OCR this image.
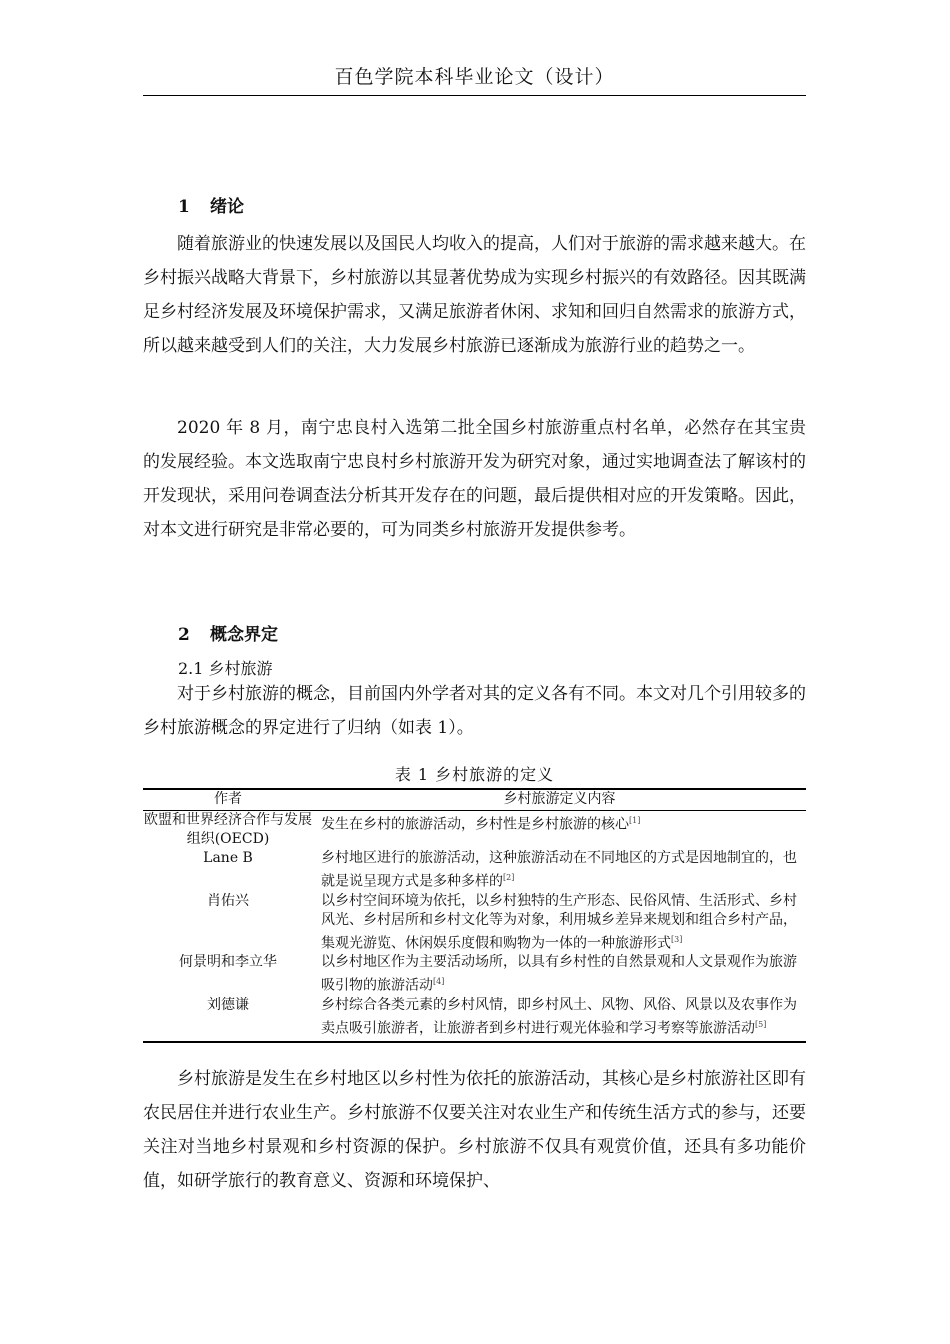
百色学院本科毕业论文（设计）
1 绪论

随着旅游业的快速发展以及国民人均收入的提高，人们对于旅游的需求越来越大。在乡村振兴战略大背景下，乡村旅游以其显著优势成为实现乡村振兴的有效路径。因其既满足乡村经济发展及环境保护需求，又满足旅游者休闲、求知和回归自然需求的旅游方式，所以越来越受到人们的关注，大力发展乡村旅游已逐渐成为旅游行业的趋势之一。

2020 年 8 月，南宁忠良村入选第二批全国乡村旅游重点村名单，必然存在其宝贵的发展经验。本文选取南宁忠良村乡村旅游开发为研究对象，通过实地调查法了解该村的开发现状，采用问卷调查法分析其开发存在的问题，最后提供相对应的开发策略。因此，对本文进行研究是非常必要的，可为同类乡村旅游开发提供参考。

2 概念界定
2.1 乡村旅游

对于乡村旅游的概念，目前国内外学者对其的定义各有不同。本文对几个引用较多的乡村旅游概念的界定进行了归纳（如表 1）。

表 1 乡村旅游的定义
作者	乡村旅游定义内容
欧盟和世界经济合作与发展组织(OECD)	发生在乡村的旅游活动，乡村性是乡村旅游的核心[1]
Lane B	乡村地区进行的旅游活动，这种旅游活动在不同地区的方式是因地制宜的，也就是说呈现方式是多种多样的[2]
肖佑兴	以乡村空间环境为依托，以乡村独特的生产形态、民俗风情、生活形式、乡村风光、乡村居所和乡村文化等为对象，利用城乡差异来规划和组合乡村产品，集观光游览、休闲娱乐度假和购物为一体的一种旅游形式[3]
何景明和李立华	以乡村地区作为主要活动场所，以具有乡村性的自然景观和人文景观作为旅游吸引物的旅游活动[4]
刘德谦	乡村综合各类元素的乡村风情，即乡村风土、风物、风俗、风景以及农事作为卖点吸引旅游者，让旅游者到乡村进行观光体验和学习考察等旅游活动[5]

乡村旅游是发生在乡村地区以乡村性为依托的旅游活动，其核心是乡村旅游社区即有农民居住并进行农业生产。乡村旅游不仅要关注对农业生产和传统生活方式的参与，还要关注对当地乡村景观和乡村资源的保护。乡村旅游不仅具有观赏价值，还具有多功能价值，如研学旅行的教育意义、资源和环境保护、
